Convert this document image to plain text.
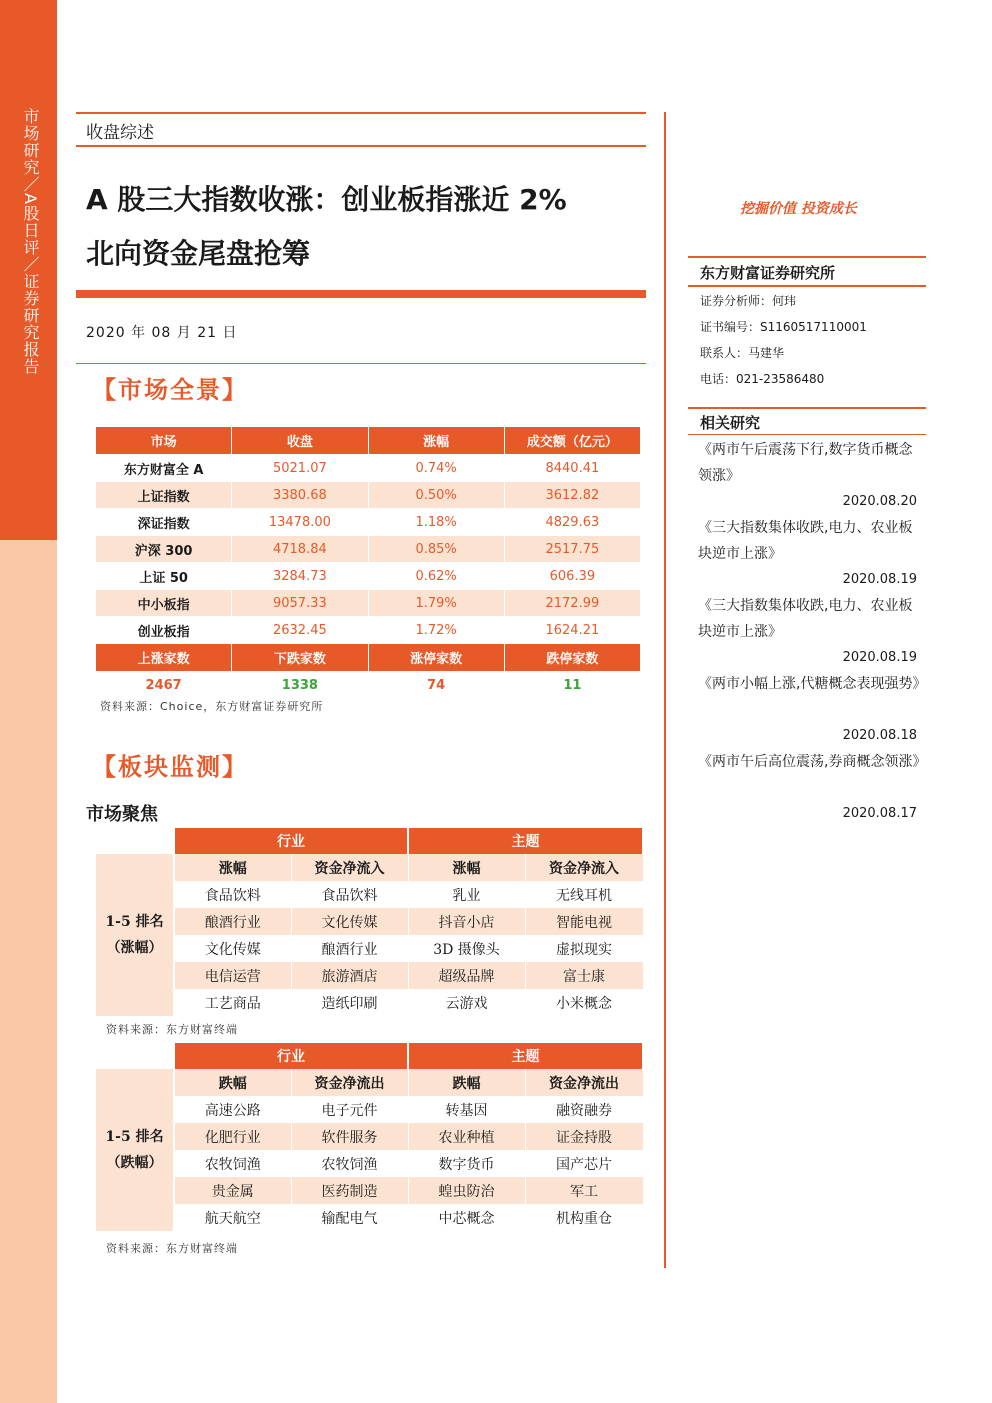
市场研究／A股日评／证券研究报告	收盘综述
A 股三大指数收涨：创业板指涨近 2%
北向资金尾盘抢筹
2020 年 08 月 21 日
【市场全景】
市场	收盘	涨幅	成交额（亿元）
东方财富全 A	5021.07	0.74%	8440.41
上证指数	3380.68	0.50%	3612.82
深证指数	13478.00	1.18%	4829.63
沪深 300	4718.84	0.85%	2517.75
上证 50	3284.73	0.62%	606.39
中小板指	9057.33	1.79%	2172.99
创业板指	2632.45	1.72%	1624.21
上涨家数	下跌家数	涨停家数	跌停家数
2467	1338	74	11
资料来源：Choice，东方财富证券研究所
【板块监测】
市场聚焦
	行业		主题	

1-5 排名
（涨幅）	涨幅	资金净流入	涨幅	资金净流入
	食品饮料	食品饮料	乳业	无线耳机
	酿酒行业	文化传媒	抖音小店	智能电视
	文化传媒	酿酒行业	3D 摄像头	虚拟现实
	电信运营	旅游酒店	超级品牌	富士康
	工艺商品	造纸印刷	云游戏	小米概念
资料来源：东方财富终端
	行业		主题	

1-5 排名
（跌幅）	跌幅	资金净流出	跌幅	资金净流出
	高速公路	电子元件	转基因	融资融券
	化肥行业	软件服务	农业种植	证金持股
	农牧饲渔	农牧饲渔	数字货币	国产芯片
	贵金属	医药制造	蝗虫防治	军工
	航天航空	输配电气	中芯概念	机构重仓
资料来源：东方财富终端
挖掘价值 投资成长
东方财富证券研究所
证券分析师：何玮
证书编号：S1160517110001
联系人：马建华
电话：021-23586480
相关研究
《两市午后震荡下行,数字货币概念领涨》
2020.08.20
《三大指数集体收跌,电力、农业板块逆市上涨》
2020.08.19
《三大指数集体收跌,电力、农业板块逆市上涨》
2020.08.19
《两市小幅上涨,代糖概念表现强势》
2020.08.18
《两市午后高位震荡,券商概念领涨》
2020.08.17
